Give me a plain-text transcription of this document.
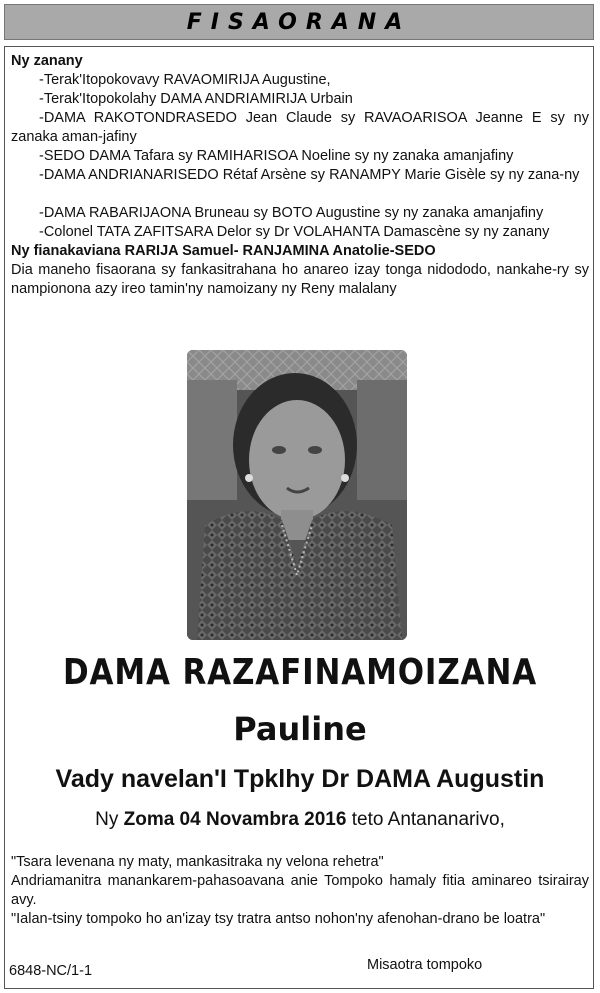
FISAORANA
Ny zanany
-Terak'Itopokovavy RAVAOMIRIJA Augustine,
-Terak'Itopokolahy DAMA ANDRIAMIRIJA Urbain
-DAMA RAKOTONDRASEDO Jean Claude sy RAVAOARISOA Jeanne E sy ny zanaka aman-jafiny
-SEDO DAMA Tafara sy RAMIHARISOA Noeline sy ny zanaka amanjafiny
-DAMA ANDRIANARISEDO Rétaf Arsène sy RANAMPY Marie Gisèle sy ny zana-ny
-DAMA RABARIJAONA Bruneau sy BOTO Augustine sy ny zanaka amanjafiny
-Colonel TATA ZAFITSARA Delor sy Dr VOLAHANTA Damascène sy ny zanany
Ny fianakaviana RARIJA Samuel- RANJAMINA Anatolie-SEDO
Dia maneho fisaorana sy fankasitrahana ho anareo izay tonga nidododo, nankahe-ry sy nampionona azy ireo tamin'ny namoizany ny Reny malalany
DAMA RAZAFINAMOIZANA
Pauline
Vady navelan'I Tpklhy Dr DAMA Augustin
Ny Zoma 04 Novambra 2016 teto Antananarivo,
"Tsara levenana ny maty, mankasitraka ny velona rehetra"
Andriamanitra manankarem-pahasoavana anie Tompoko hamaly fitia aminareo tsirairay avy.
"Ialan-tsiny tompoko ho an'izay tsy tratra antso nohon'ny afenohan-drano be loatra"
6848-NC/1-1	Misaotra tompoko
